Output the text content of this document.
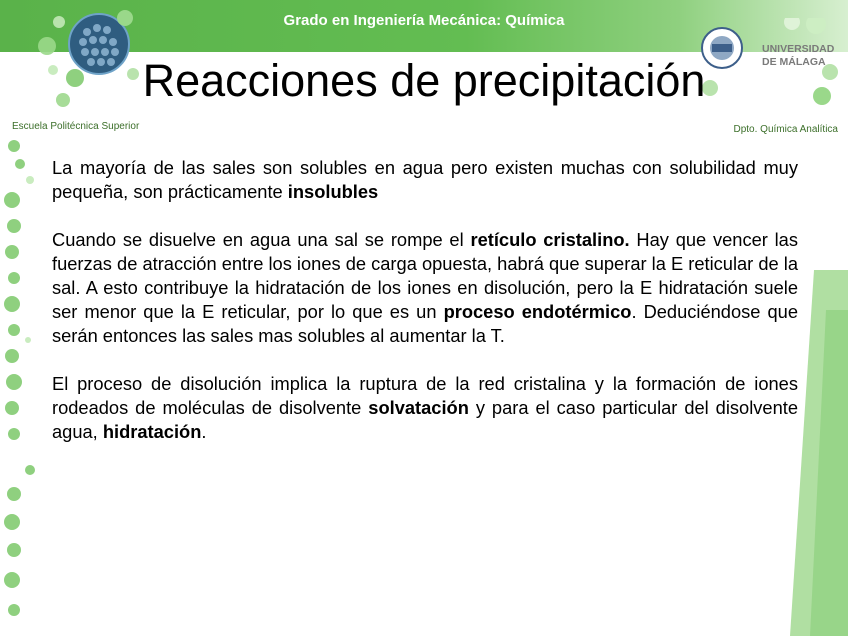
Grado en Ingeniería Mecánica: Química
UNIVERSIDAD
DE MÁLAGA
Escuela Politécnica Superior	Dpto. Química Analítica
Reacciones de precipitación

La mayoría de las sales son solubles en agua pero existen muchas con solubilidad muy pequeña, son prácticamente insolubles

Cuando se disuelve en agua una sal se rompe el retículo cristalino. Hay que vencer las fuerzas de atracción entre los iones de carga opuesta, habrá que superar la E reticular de la sal. A esto contribuye la hidratación de los iones en disolución, pero la E hidratación suele ser menor que la E reticular, por lo que es un proceso endotérmico. Deduciéndose que serán entonces las sales mas solubles al aumentar la T.

El proceso de disolución implica la ruptura de la red cristalina y la formación de iones rodeados de moléculas de disolvente solvatación y para el caso particular del disolvente agua, hidratación.
